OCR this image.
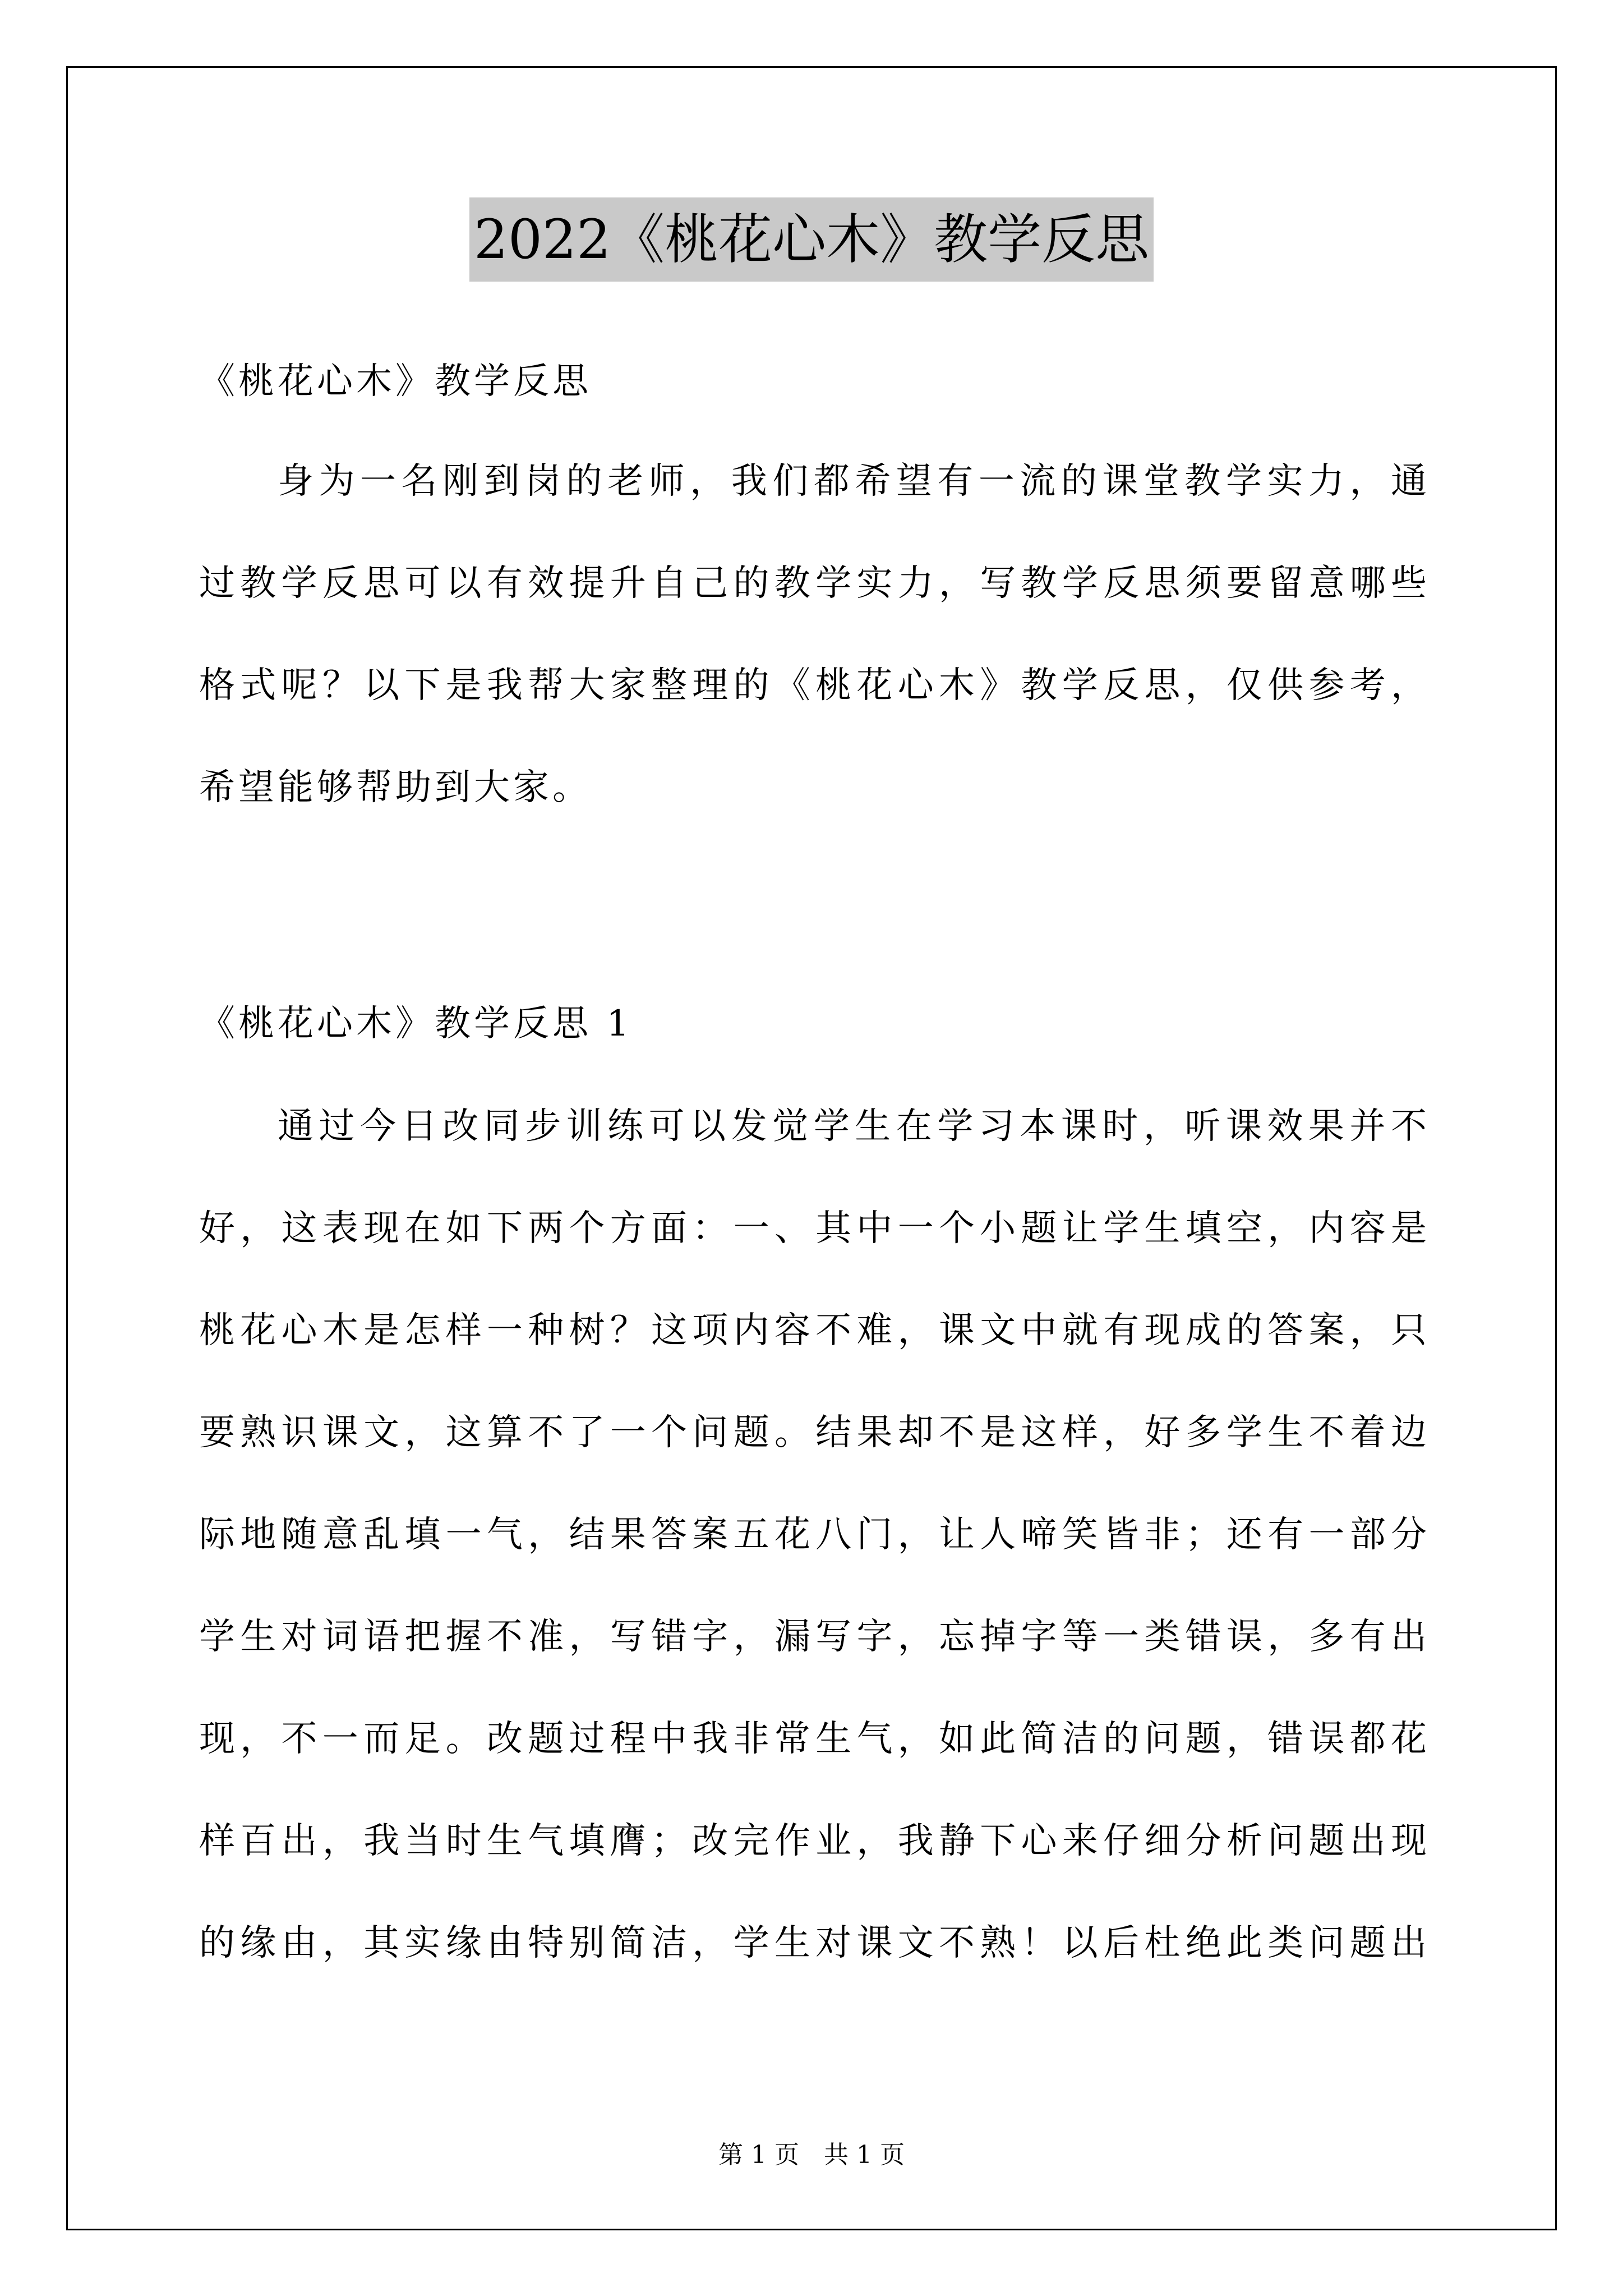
2022《桃花心木》教学反思
《桃花心木》教学反思
身为一名刚到岗的老师，我们都希望有一流的课堂教学实力，通
过教学反思可以有效提升自己的教学实力，写教学反思须要留意哪些
格式呢？以下是我帮大家整理的《桃花心木》教学反思，仅供参考，
希望能够帮助到大家。
《桃花心木》教学反思 1
通过今日改同步训练可以发觉学生在学习本课时，听课效果并不
好，这表现在如下两个方面：一、其中一个小题让学生填空，内容是
桃花心木是怎样一种树？这项内容不难，课文中就有现成的答案，只
要熟识课文，这算不了一个问题。结果却不是这样，好多学生不着边
际地随意乱填一气，结果答案五花八门，让人啼笑皆非；还有一部分
学生对词语把握不准，写错字，漏写字，忘掉字等一类错误，多有出
现，不一而足。改题过程中我非常生气，如此简洁的问题，错误都花
样百出，我当时生气填膺；改完作业，我静下心来仔细分析问题出现
的缘由，其实缘由特别简洁，学生对课文不熟！以后杜绝此类问题出
第 1 页　共 1 页
